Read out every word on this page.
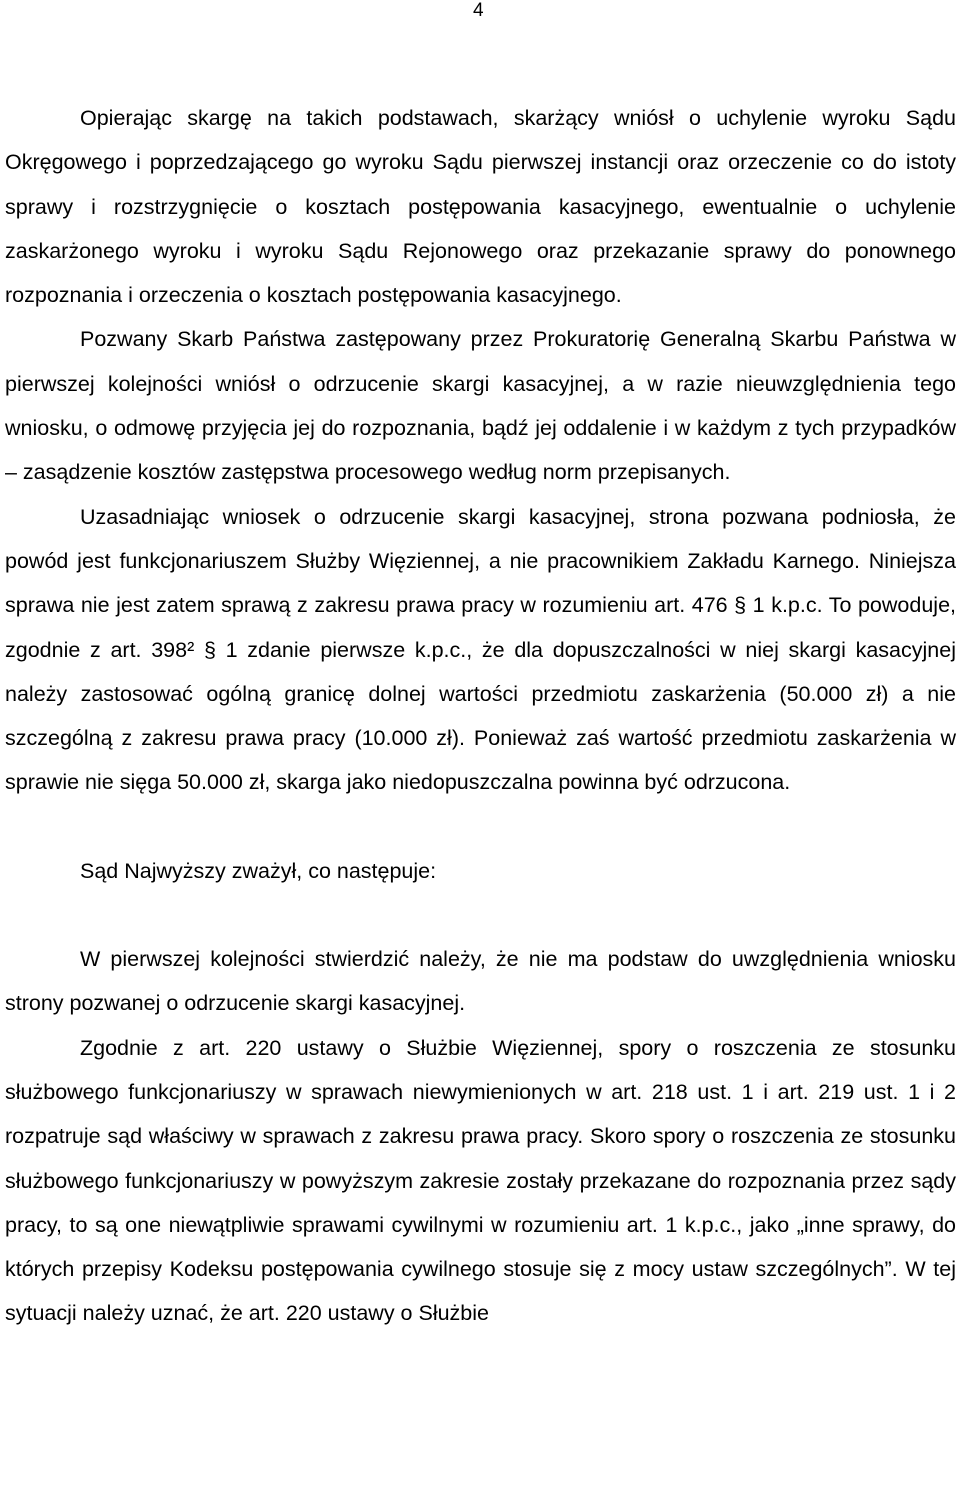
4

Opierając skargę na takich podstawach, skarżący wniósł o uchylenie wyroku Sądu Okręgowego i poprzedzającego go wyroku Sądu pierwszej instancji oraz orzeczenie co do istoty sprawy i rozstrzygnięcie o kosztach postępowania kasacyjnego, ewentualnie o uchylenie zaskarżonego wyroku i wyroku Sądu Rejonowego oraz przekazanie sprawy do ponownego rozpoznania i orzeczenia o kosztach postępowania kasacyjnego.

Pozwany Skarb Państwa zastępowany przez Prokuratorię Generalną Skarbu Państwa w pierwszej kolejności wniósł o odrzucenie skargi kasacyjnej, a w razie nieuwzględnienia tego wniosku, o odmowę przyjęcia jej do rozpoznania, bądź jej oddalenie i w każdym z tych przypadków – zasądzenie kosztów zastępstwa procesowego według norm przepisanych.

Uzasadniając wniosek o odrzucenie skargi kasacyjnej, strona pozwana podniosła, że powód jest funkcjonariuszem Służby Więziennej, a nie pracownikiem Zakładu Karnego. Niniejsza sprawa nie jest zatem sprawą z zakresu prawa pracy w rozumieniu art. 476 § 1 k.p.c. To powoduje, zgodnie z art. 398² § 1 zdanie pierwsze k.p.c., że dla dopuszczalności w niej skargi kasacyjnej należy zastosować ogólną granicę dolnej wartości przedmiotu zaskarżenia (50.000 zł) a nie szczególną z zakresu prawa pracy (10.000 zł). Ponieważ zaś wartość przedmiotu zaskarżenia w sprawie nie sięga 50.000 zł, skarga jako niedopuszczalna powinna być odrzucona.

Sąd Najwyższy zważył, co następuje:

W pierwszej kolejności stwierdzić należy, że nie ma podstaw do uwzględnienia wniosku strony pozwanej o odrzucenie skargi kasacyjnej.

Zgodnie z art. 220 ustawy o Służbie Więziennej, spory o roszczenia ze stosunku służbowego funkcjonariuszy w sprawach niewymienionych w art. 218 ust. 1 i art. 219 ust. 1 i 2 rozpatruje sąd właściwy w sprawach z zakresu prawa pracy. Skoro spory o roszczenia ze stosunku służbowego funkcjonariuszy w powyższym zakresie zostały przekazane do rozpoznania przez sądy pracy, to są one niewątpliwie sprawami cywilnymi w rozumieniu art. 1 k.p.c., jako „inne sprawy, do których przepisy Kodeksu postępowania cywilnego stosuje się z mocy ustaw szczególnych”. W tej sytuacji należy uznać, że art. 220 ustawy o Służbie
